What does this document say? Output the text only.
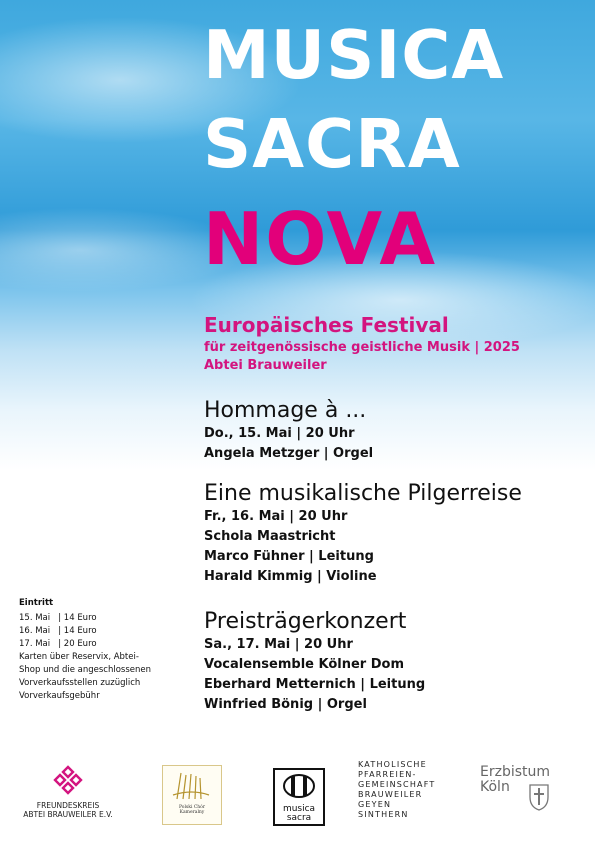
MUSICA
SACRA
NOVA

Europäisches Festival

für zeitgenössische geistliche Musik | 2025

Abtei Brauweiler

Hommage à ...

Do., 15. Mai | 20 Uhr

Angela Metzger | Orgel

Eine musikalische Pilgerreise

Fr., 16. Mai | 20 Uhr

Schola Maastricht

Marco Fühner | Leitung

Harald Kimmig | Violine

Preisträgerkonzert

Sa., 17. Mai | 20 Uhr

Vocalensemble Kölner Dom

Eberhard Metternich | Leitung

Winfried Bönig | Orgel

Eintritt

15. Mai   | 14 Euro

16. Mai   | 14 Euro

17. Mai   | 20 Euro

Karten über Reservix, Abtei-

Shop und die angeschlossenen

Vorverkaufsstellen zuzüglich

Vorverkaufsgebühr

FREUNDESKREIS
ABTEI BRAUWEILER E.V.
Polski Chór Kameralny	musica
sacra

KATHOLISCHE

PFARREIEN-

GEMEINSCHAFT

BRAUWEILER

GEYEN

SINTHERN

Erzbistum

Köln
